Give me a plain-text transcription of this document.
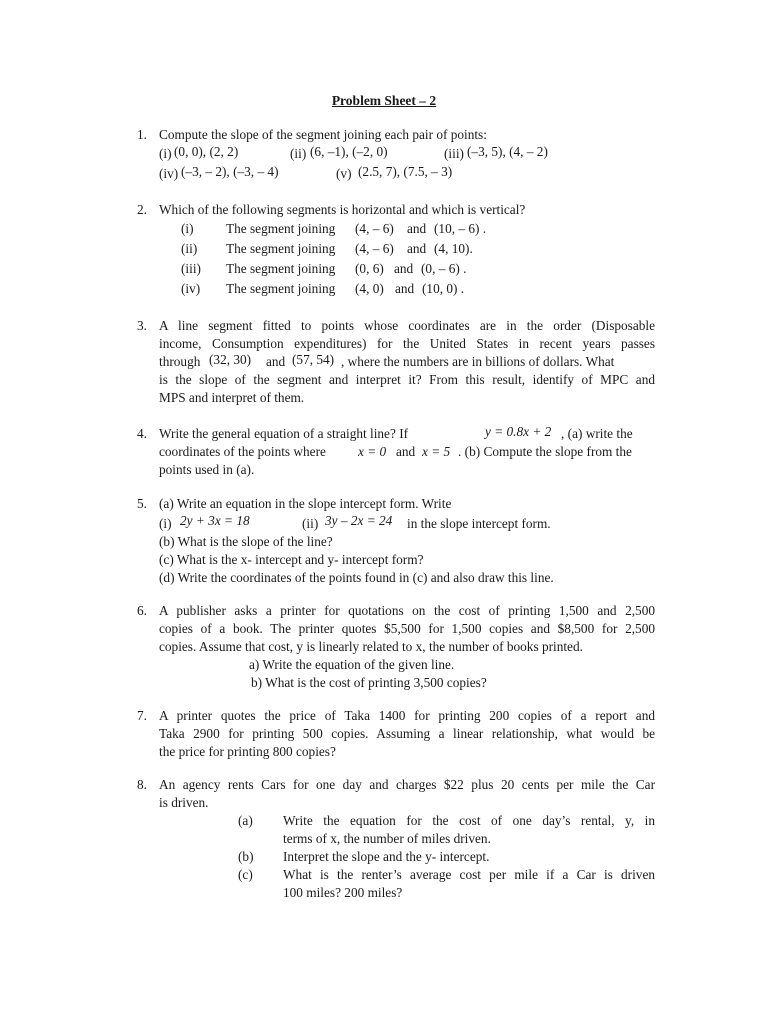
Problem Sheet – 2
1. Compute the slope of the segment joining each pair of points:
(i) (0, 0), (2, 2)	(ii) (6, –1), (–2, 0)	(iii) (–3, 5), (4, – 2)
(iv) (–3, – 2), (–3, – 4)	(v) (2.5, 7), (7.5, – 3)
2. Which of the following segments is horizontal and which is vertical?
(i) The segment joining (4, – 6) and (10, – 6) .
(ii) The segment joining (4, – 6) and (4, 10).
(iii) The segment joining (0, 6) and (0, – 6) .
(iv) The segment joining (4, 0) and (10, 0) .
3. A line segment fitted to points whose coordinates are in the order (Disposable
income, Consumption expenditures) for the United States in recent years passes
through (32, 30) and (57, 54) , where the numbers are in billions of dollars. What
is the slope of the segment and interpret it? From this result, identify of MPC and
MPS and interpret of them.
4. Write the general equation of a straight line? If	y = 0.8x + 2 , (a) write the
coordinates of the points where x = 0 and x = 5 . (b) Compute the slope from the
points used in (a).
5. (a) Write an equation in the slope intercept form. Write
(i) 2y + 3x = 18	(ii) 3y – 2x = 24 in the slope intercept form.
(b) What is the slope of the line?
(c) What is the x- intercept and y- intercept form?
(d) Write the coordinates of the points found in (c) and also draw this line.
6. A publisher asks a printer for quotations on the cost of printing 1,500 and 2,500
copies of a book. The printer quotes $5,500 for 1,500 copies and $8,500 for 2,500
copies. Assume that cost, y is linearly related to x, the number of books printed.
a) Write the equation of the given line.
b) What is the cost of printing 3,500 copies?
7. A printer quotes the price of Taka 1400 for printing 200 copies of a report and
Taka 2900 for printing 500 copies. Assuming a linear relationship, what would be
the price for printing 800 copies?
8. An agency rents Cars for one day and charges $22 plus 20 cents per mile the Car
is driven.
(a) Write the equation for the cost of one day’s rental, y, in
terms of x, the number of miles driven.
(b) Interpret the slope and the y- intercept.
(c) What is the renter’s average cost per mile if a Car is driven
100 miles? 200 miles?
